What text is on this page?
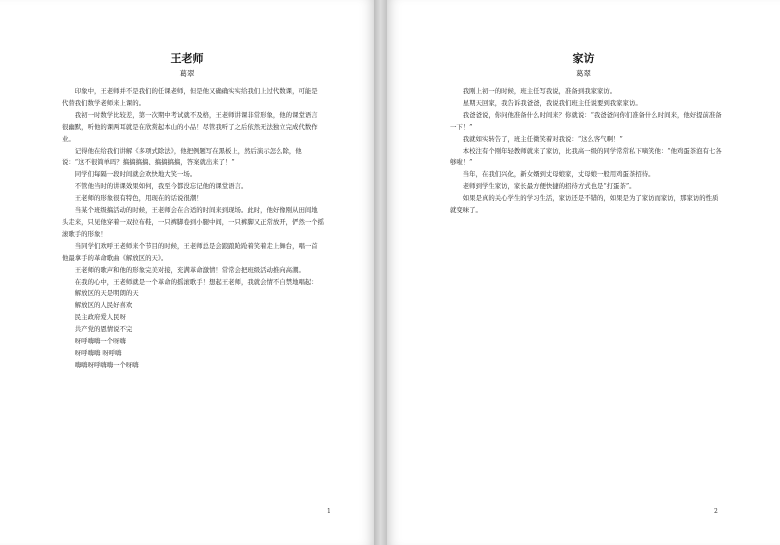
王老师
葛翠

印象中，王老师并不是我们的任课老师，但是他又确确实实给我们上过代数课，可能是代替我们数学老师来上课的。

我初一时数学比较差，第一次期中考试就不及格，王老师讲课非常形象，他的课堂语言很幽默，听他的课两耳就是在欣赏起本山的小品！尽管我听了之后依然无法独立完成代数作业。

记得他在给我们讲解《多项式除法》，他把例题写在黑板上，然后演示怎么除，他说：“这不很简单吗？搞搞搞搞、搞搞搞搞，答案就出来了！”

同学们每隔一段时间就会欢快地大笑一场。

不管他当时的讲课效果如何，我至今都没忘记他的课堂语言。

王老师的形象很有特色，用现在的话说很潮！

当某个班级搞活动的时候，王老师会在合适的时间来到现场。此时，他好像刚从田间地头走来，只见他穿着一双拉布鞋，一只裤脚卷到小腿中间，一只裤脚又正常放开，俨然一个摇滚歌手的形象！

当同学们欢呼王老师来个节目的时候，王老师总是会踉踉跄跄着笑着走上舞台，唱一首他最拿手的革命歌曲《解放区的天》。

王老师的歌声和他的形象完美对接，充满革命激情！常常会把班级活动推向高潮。

在我的心中，王老师就是一个革命的摇滚歌手！想起王老师，我就会情不自禁地唱起：

解放区的天是明朗的天

解放区的人民好喜欢

民主政府爱人民呀

共产党的恩情说不完

呀呼嗨嗨一个呀嗨

呀呼嗨嗨 呀呼嗨

嗨嗨呀呼嗨嗨一个呀嗨

1
家访
葛翠

我刚上初一的时候，班主任写我说，准备到我家家访。

星期天回家，我告诉我爸爸，我说我们班主任说要到我家家访。

我爸爸说，你问他准备什么时间来？你就说：“我爸爸问你们准备什么时间来，他好提前准备一下！”

我就如实转告了，班主任微笑着对我说：“这么客气啊！”

本校注有个刚年轻教师就来了家访，比我高一级的同学常常私下嘀笑他：“他鸡蛋茶泡有七各够啦！”

当年，在我们兴化，新女婿到丈母娘家，丈母娘一般用鸡蛋茶招待。

老师到学生家访，家长最方便快捷的招待方式也是“打蛋茶”。

如果是真的关心学生的学习生活，家访还是不错的，如果是为了家访而家访，那家访的性质就变味了。

2
